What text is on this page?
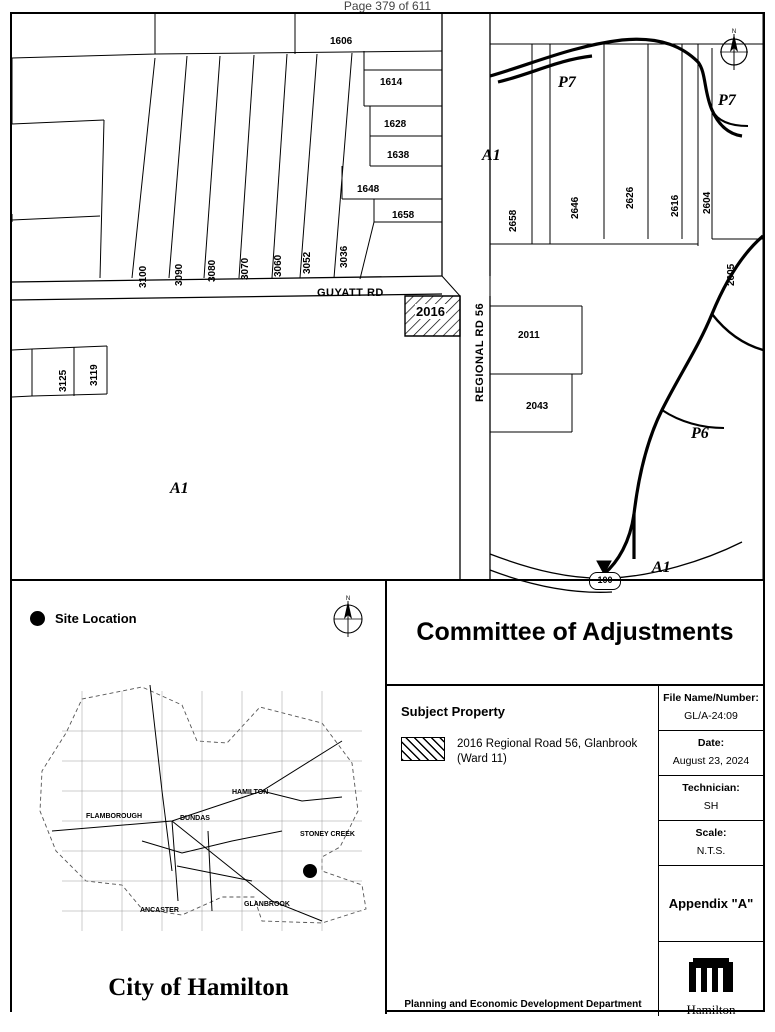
Page 379 of 611
N
A1
A1
P7
P7
P6
A1
GUYATT RD
REGIONAL RD 56
2016
100
1606
1614
1628
1638
1648
1658
3036
3052
3060
3070
3080
3090
3100
3119
3125
2658
2646	2626	2616 2604
2605
2011
2043
Site Location
N
FLAMBOROUGH	DUNDAS
HAMILTON
STONEY CREEK
ANCASTER
GLANBROOK
City of Hamilton
Committee of Adjustments
Subject Property
2016 Regional Road 56, Glanbrook (Ward 11)
Planning and Economic Development Department
File Name/Number:
GL/A-24:09
Date:
August 23, 2024
Technician:
SH
Scale:
N.T.S.
Appendix "A"
Hamilton
